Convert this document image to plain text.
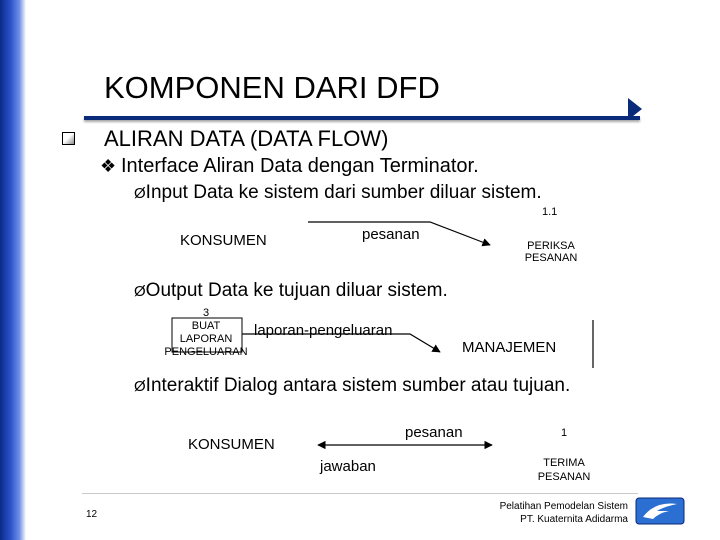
KOMPONEN DARI DFD
ALIRAN DATA (DATA FLOW)
❖ Interface Aliran Data dengan Terminator.
ØInput Data ke sistem dari sumber diluar sistem.
ØOutput Data ke tujuan diluar sistem.
ØInteraktif Dialog antara sistem sumber atau tujuan.
KONSUMEN	pesanan
1.1
PERIKSA
PESANAN
3
BUAT
LAPORAN
PENGELUARAN
laporan-pengeluaran
MANAJEMEN
KONSUMEN
pesanan
jawaban
1
TERIMA
PESANAN
12
Pelatihan Pemodelan Sistem
PT. Kuaternita Adidarma
